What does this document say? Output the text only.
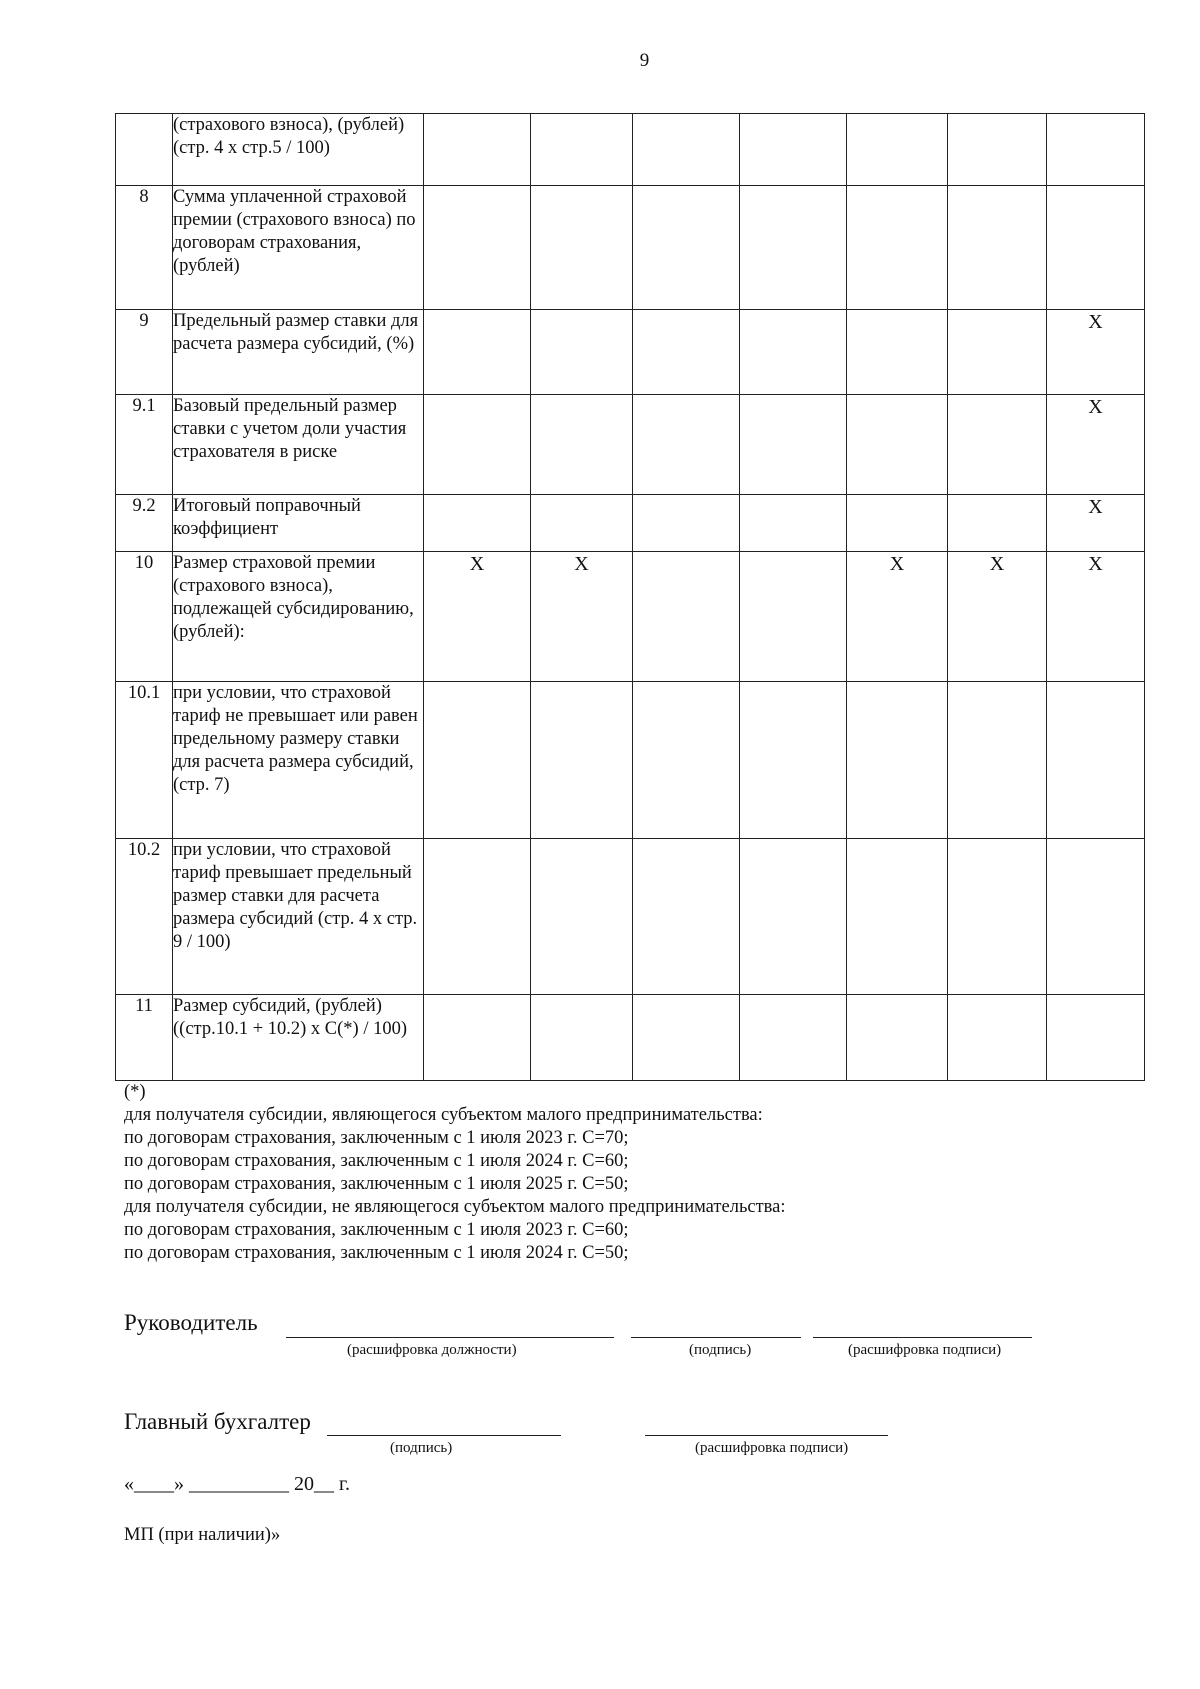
9
	(страхового взноса), (рублей) (стр. 4 х стр.5 / 100)	

8	Сумма уплаченной страховой премии (страхового взноса) по договорам страхования, (рублей)	

9	Предельный размер ставки для расчета размера субсидий, (%)							X

9.1	Базовый предельный размер ставки с учетом доли участия страхователя в риске							X

9.2	Итоговый поправочный коэффициент							X

10	Размер страховой премии (страхового взноса), подлежащей субсидированию, (рублей):	X	X			X	X	X

10.1	при условии, что страховой тариф не превышает или равен предельному размеру ставки для расчета размера субсидий, (стр. 7)	

10.2	при условии, что страховой тариф превышает предельный размер ставки для расчета размера субсидий (стр. 4 х стр. 9 / 100)	

11	Размер субсидий, (рублей) ((стр.10.1 + 10.2) х С(*) / 100)	

(*)
для получателя субсидии, являющегося субъектом малого предпринимательства:
по договорам страхования, заключенным с 1 июля 2023 г. С=70;
по договорам страхования, заключенным с 1 июля 2024 г. С=60;
по договорам страхования, заключенным с 1 июля 2025 г. С=50;
для получателя субсидии, не являющегося субъектом малого предпринимательства:
по договорам страхования, заключенным с 1 июля 2023 г. С=60;
по договорам страхования, заключенным с 1 июля 2024 г. С=50;
Руководитель
(расшифровка должности)	(подпись)	(расшифровка подписи)
Главный бухгалтер
(подпись)	(расшифровка подписи)
«____» __________ 20__ г.
МП (при наличии)»
